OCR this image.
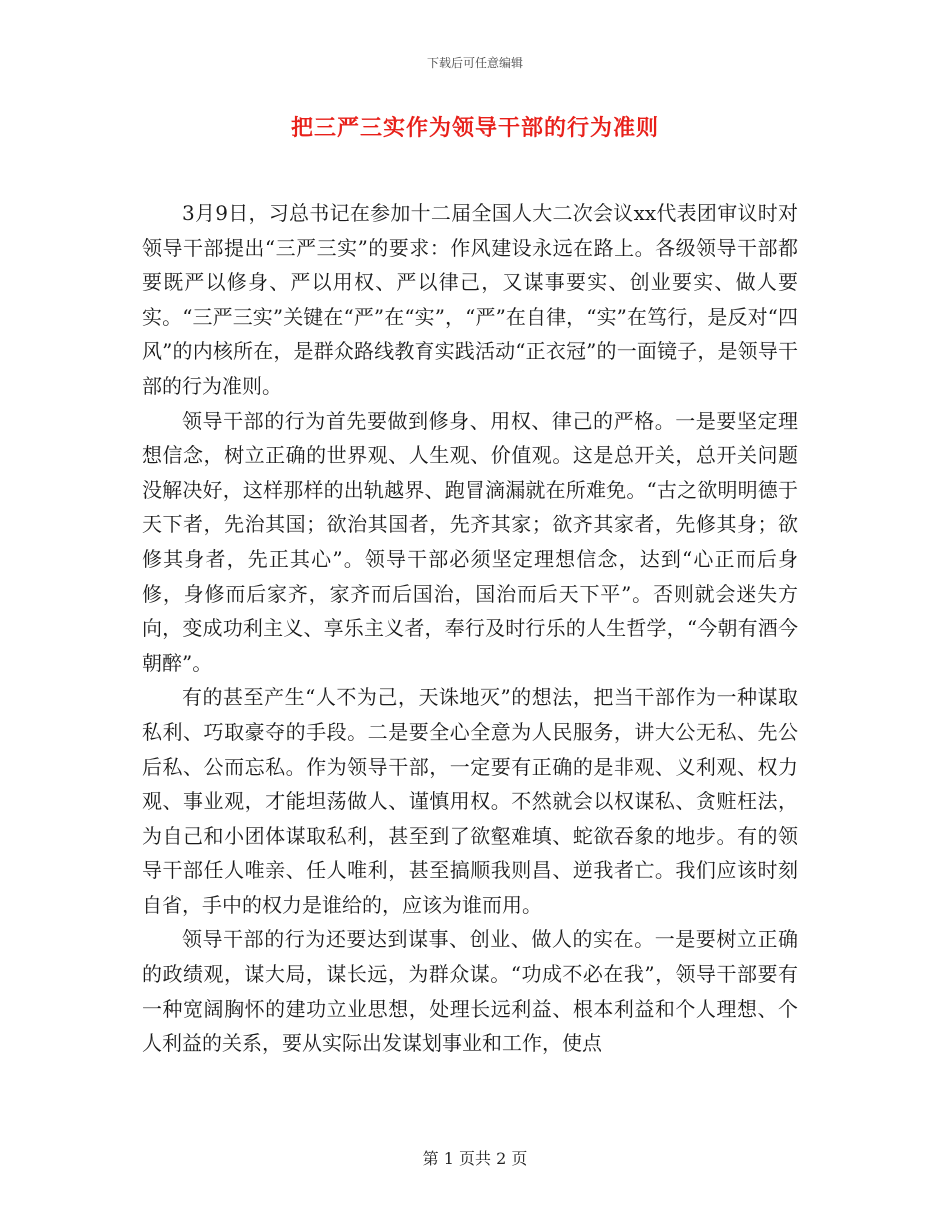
下载后可任意编辑
把三严三实作为领导干部的行为准则

3月9日，习总书记在参加十二届全国人大二次会议xx代表团审议时对领导干部提出“三严三实”的要求：作风建设永远在路上。各级领导干部都要既严以修身、严以用权、严以律己，又谋事要实、创业要实、做人要实。“三严三实”关键在“严”在“实”，“严”在自律，“实”在笃行，是反对“四风”的内核所在，是群众路线教育实践活动“正衣冠”的一面镜子，是领导干部的行为准则。

领导干部的行为首先要做到修身、用权、律己的严格。一是要坚定理想信念，树立正确的世界观、人生观、价值观。这是总开关，总开关问题没解决好，这样那样的出轨越界、跑冒滴漏就在所难免。“古之欲明明德于天下者，先治其国；欲治其国者，先齐其家；欲齐其家者，先修其身；欲修其身者，先正其心”。领导干部必须坚定理想信念，达到“心正而后身修，身修而后家齐，家齐而后国治，国治而后天下平”。否则就会迷失方向，变成功利主义、享乐主义者，奉行及时行乐的人生哲学，“今朝有酒今朝醉”。

有的甚至产生“人不为己，天诛地灭”的想法，把当干部作为一种谋取私利、巧取豪夺的手段。二是要全心全意为人民服务，讲大公无私、先公后私、公而忘私。作为领导干部，一定要有正确的是非观、义利观、权力观、事业观，才能坦荡做人、谨慎用权。不然就会以权谋私、贪赃枉法，为自己和小团体谋取私利，甚至到了欲壑难填、蛇欲吞象的地步。有的领导干部任人唯亲、任人唯利，甚至搞顺我则昌、逆我者亡。我们应该时刻自省，手中的权力是谁给的，应该为谁而用。

领导干部的行为还要达到谋事、创业、做人的实在。一是要树立正确的政绩观，谋大局，谋长远，为群众谋。“功成不必在我”，领导干部要有一种宽阔胸怀的建功立业思想，处理长远利益、根本利益和个人理想、个人利益的关系，要从实际出发谋划事业和工作，使点

第 1 页共 2 页
